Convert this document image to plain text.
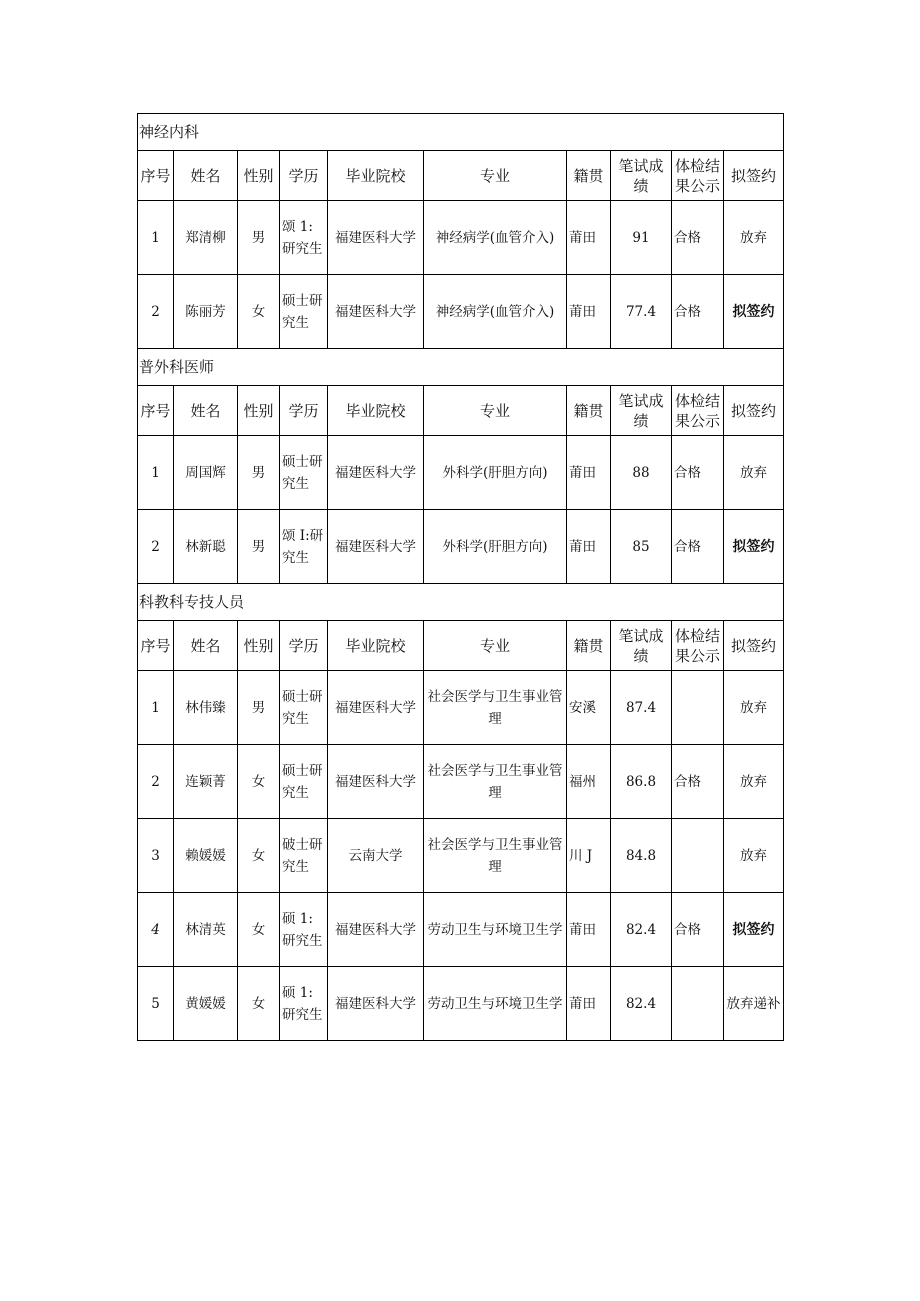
神经内科									
序号	姓名	性别	学历	毕业院校	专业	籍贯	笔试成绩	体检结果公示	拟签约
1	郑清柳	男	颂 1:研究生	福建医科大学	神经病学(血管介入)	莆田	91	合格	放弃
2	陈丽芳	女	硕士研究生	福建医科大学	神经病学(血管介入)	莆田	77.4	合格	拟签约
普外科医师									
序号	姓名	性别	学历	毕业院校	专业	籍贯	笔试成绩	体检结果公示	拟签约
1	周国辉	男	硕士研究生	福建医科大学	外科学(肝胆方向)	莆田	88	合格	放弃
2	林新聪	男	颂 I:研究生	福建医科大学	外科学(肝胆方向)	莆田	85	合格	拟签约
科教科专技人员									
序号	姓名	性别	学历	毕业院校	专业	籍贯	笔试成绩	体检结果公示	拟签约
1	林伟臻	男	硕士研究生	福建医科大学	社会医学与卫生事业管理	安溪	87.4		放弃
2	连颖菁	女	硕士研究生	福建医科大学	社会医学与卫生事业管理	福州	86.8	合格	放弃
3	赖媛媛	女	破士研究生	云南大学	社会医学与卫生事业管理	川 J	84.8		放弃
4	林清英	女	硕 1:研究生	福建医科大学	劳动卫生与环境卫生学	莆田	82.4	合格	拟签约
5	黄媛媛	女	硕 1:研究生	福建医科大学	劳动卫生与环境卫生学	莆田	82.4		放弃递补
